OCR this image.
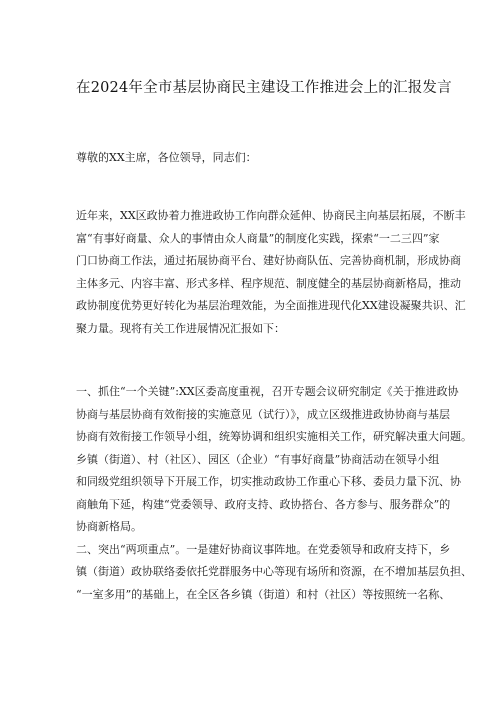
在2024年全市基层协商民主建设工作推进会上的汇报发言
尊敬的XX主席，各位领导，同志们：
近年来，XX区政协着力推进政协工作向群众延伸、协商民主向基层拓展，不断丰
富“有事好商量、众人的事情由众人商量”的制度化实践，探索“一二三四”家
门口协商工作法，通过拓展协商平台、建好协商队伍、完善协商机制，形成协商
主体多元、内容丰富、形式多样、程序规范、制度健全的基层协商新格局，推动
政协制度优势更好转化为基层治理效能，为全面推进现代化XX建设凝聚共识、汇
聚力量。现将有关工作进展情况汇报如下：
一、抓住“一个关键”:XX区委高度重视，召开专题会议研究制定《关于推进政协
协商与基层协商有效衔接的实施意见（试行）》，成立区级推进政协协商与基层
协商有效衔接工作领导小组，统筹协调和组织实施相关工作，研究解决重大问题。
乡镇（街道）、村（社区）、园区（企业）“有事好商量”协商活动在领导小组
和同级党组织领导下开展工作，切实推动政协工作重心下移、委员力量下沉、协
商触角下延，构建“党委领导、政府支持、政协搭台、各方参与、服务群众”的
协商新格局。
二、突出“两项重点”。一是建好协商议事阵地。在党委领导和政府支持下，乡
镇（街道）政协联络委依托党群服务中心等现有场所和资源，在不增加基层负担、
“一室多用”的基础上，在全区各乡镇（街道）和村（社区）等按照统一名称、
